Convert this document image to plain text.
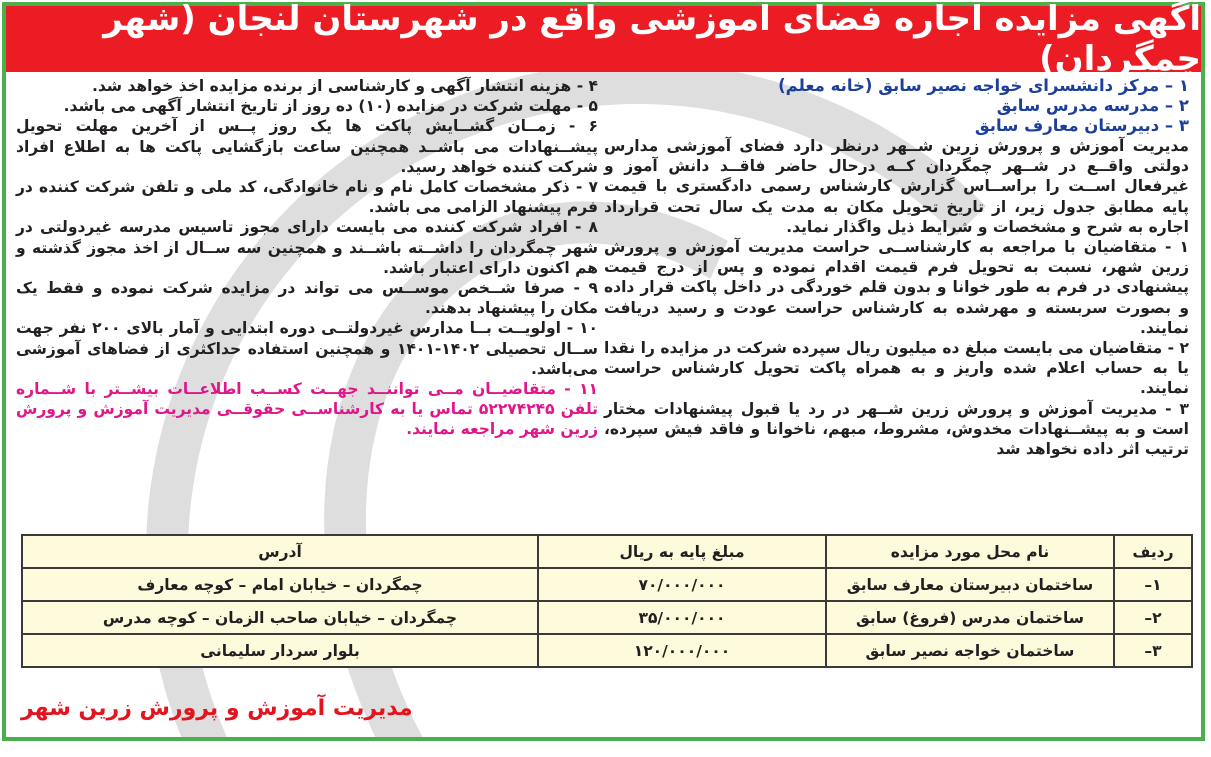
آگهی مزایده اجاره فضای آموزشی واقع در شهرستان لنجان (شهر چمگردان)
۱ – مرکز دانشسرای خواجه نصیر سابق (خانه معلم)
۲ – مدرسه مدرس سابق
۳ – دبیرستان معارف سابق

مدیریت آموزش و پرورش زرین شــهر درنظر دارد فضای آموزشی مدارس دولتی واقــع در شــهر چمگردان کــه درحال حاضر فاقــد دانش آموز و غیرفعال اســت را براســاس گزارش کارشناس رسمی دادگستری با قیمت پایه مطابق جدول زیر، از تاریخ تحویل مکان به مدت یک سال تحت قرارداد اجاره به شرح و مشخصات و شرایط ذیل واگذار نماید.

۱ - متقاضیان با مراجعه به کارشناســی حراست مدیریت آموزش و پرورش زرین شهر، نسبت به تحویل فرم قیمت اقدام نموده و پس از درج قیمت پیشنهادی در فرم به طور خوانا و بدون قلم خوردگی در داخل پاکت قرار داده و بصورت سربسته و مهرشده به کارشناس حراست عودت و رسید دریافت نمایند.

۲ - متقاضیان می بایست مبلغ ده میلیون ریال سپرده شرکت در مزایده را نقدا یا به حساب اعلام شده واریز و به همراه پاکت تحویل کارشناس حراست نمایند.

۳ - مدیریت آموزش و پرورش زرین شــهر در رد یا قبول پیشنهادات مختار است و به پیشــنهادات مخدوش، مشروط، مبهم، ناخوانا و فاقد فیش سپرده، ترتیب اثر داده نخواهد شد

۴ - هزینه انتشار آگهی و کارشناسی از برنده مزایده اخذ خواهد شد.

۵ - مهلت شرکت در مزایده (۱۰) ده روز از تاریخ انتشار آگهی می باشد.

۶ - زمــان گشــایش پاکت ها یک روز پــس از آخرین مهلت تحویل پیشــنهادات می باشــد همچنین ساعت بازگشایی پاکت ها به اطلاع افراد شرکت کننده خواهد رسید.

۷ - ذکر مشخصات کامل نام و نام خانوادگی، کد ملی و تلفن شرکت کننده در فرم پیشنهاد الزامی می باشد.

۸ - افراد شرکت کننده می بایست دارای مجوز تاسیس مدرسه غیردولتی در شهر چمگردان را داشــته باشــند و همچنین سه ســال از اخذ مجوز گذشته و هم اکنون دارای اعتبار باشد.

۹ - صرفا شــخص موســس می تواند در مزایده شرکت نموده و فقط یک مکان را پیشنهاد بدهند.

۱۰ - اولویــت بــا مدارس غیردولتــی دوره ابتدایی و آمار بالای ۲۰۰ نفر جهت ســال تحصیلی ۱۴۰۲-۱۴۰۱ و همچنین استفاده حداکثری از فضاهای آموزشی می‌باشد.

۱۱ - متقاضیــان مــی تواننــد جهــت کســب اطلاعــات بیشــتر با شــماره تلفن ۵۲۲۷۴۲۴۵ تماس یا به کارشناســی حقوقــی مدیریت آموزش و پرورش زرین شهر مراجعه نمایند.

ردیف	نام محل مورد مزایده	مبلغ پایه به ریال	آدرس
۱–	ساختمان دبیرستان معارف سابق	۷۰/۰۰۰/۰۰۰	چمگردان – خیابان امام – کوچه معارف
۲–	ساختمان مدرس (فروغ) سابق	۳۵/۰۰۰/۰۰۰	چمگردان – خیابان صاحب الزمان – کوچه مدرس
۳–	ساختمان خواجه نصیر سابق	۱۲۰/۰۰۰/۰۰۰	بلوار سردار سلیمانی
مدیریت آموزش و پرورش زرین شهر
